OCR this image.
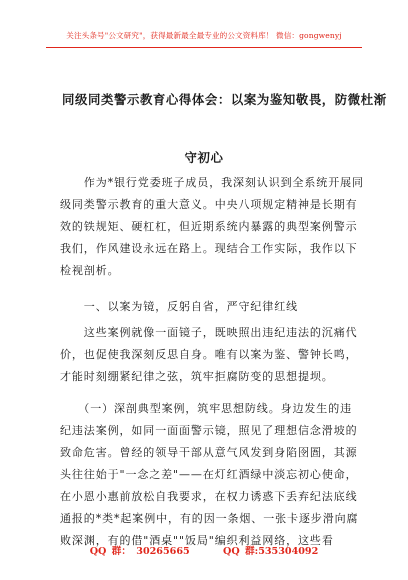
关注头条号"公文研究"，获得最新最全最专业的公文资料库！ 微信：gongwenyj
同级同类警示教育心得体会：以案为鉴知敬畏，防微杜渐
守初心
　　作为*银行党委班子成员，我深刻认识到全系统开展同
级同类警示教育的重大意义。中央八项规定精神是长期有
效的铁规矩、硬杠杠，但近期系统内暴露的典型案例警示
我们，作风建设永远在路上。现结合工作实际，我作以下
检视剖析。
　　一、以案为镜，反躬自省，严守纪律红线
　　这些案例就像一面镜子，既映照出违纪违法的沉痛代
价，也促使我深刻反思自身。唯有以案为鉴、警钟长鸣，
才能时刻绷紧纪律之弦，筑牢拒腐防变的思想提坝。
　　（一）深剖典型案例，筑牢思想防线。身边发生的违
纪违法案例，如同一面面警示镜，照见了理想信念滑坡的
致命危害。曾经的领导干部从意气风发到身陷囹圄，其源
头往往始于"一念之差"——在灯红酒绿中淡忘初心使命，
在小恩小惠前放松自我要求，在权力诱惑下丢弃纪法底线
通报的*类*起案例中，有的因一条烟、一张卡逐步滑向腐
败深渊，有的借"酒桌""饭局"编织利益网络，这些看
QQ 群： 30265665	QQ 群:535304092
